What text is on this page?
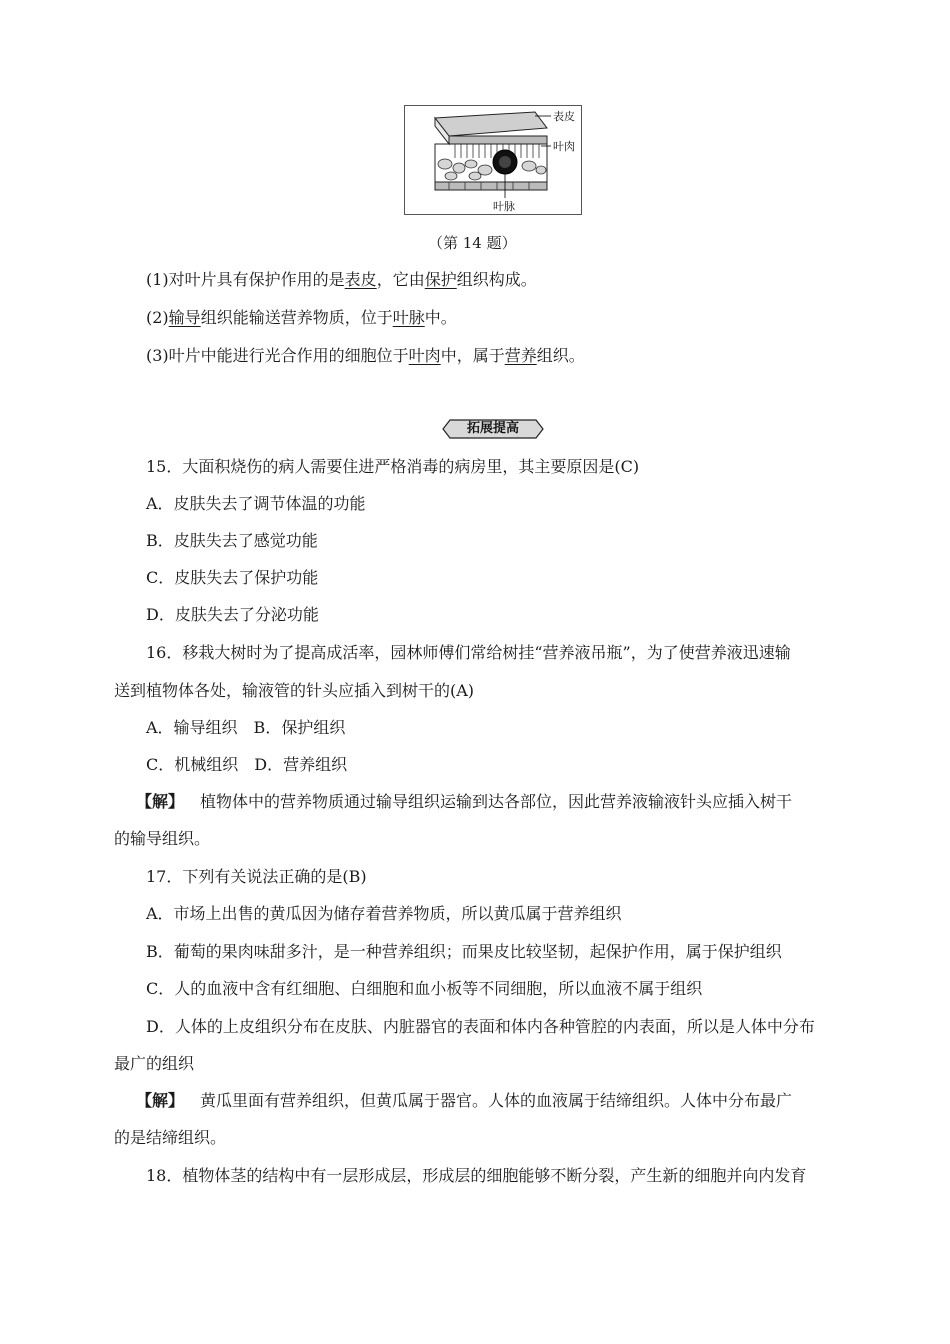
表皮
叶肉
叶脉
（第 14 题）
(1)对叶片具有保护作用的是表皮，它由保护组织构成。
(2)输导组织能输送营养物质，位于叶脉中。
(3)叶片中能进行光合作用的细胞位于叶肉中，属于营养组织。
拓展提高
15．大面积烧伤的病人需要住进严格消毒的病房里，其主要原因是(C)
A．皮肤失去了调节体温的功能
B．皮肤失去了感觉功能
C．皮肤失去了保护功能
D．皮肤失去了分泌功能
16．移栽大树时为了提高成活率，园林师傅们常给树挂“营养液吊瓶”，为了使营养液迅速输
送到植物体各处，输液管的针头应插入到树干的(A)
A．输导组织　B．保护组织
C．机械组织　D．营养组织
【解】 植物体中的营养物质通过输导组织运输到达各部位，因此营养液输液针头应插入树干
的输导组织。
17．下列有关说法正确的是(B)
A．市场上出售的黄瓜因为储存着营养物质，所以黄瓜属于营养组织
B．葡萄的果肉味甜多汁，是一种营养组织；而果皮比较坚韧，起保护作用，属于保护组织
C．人的血液中含有红细胞、白细胞和血小板等不同细胞，所以血液不属于组织
D．人体的上皮组织分布在皮肤、内脏器官的表面和体内各种管腔的内表面，所以是人体中分布
最广的组织
【解】 黄瓜里面有营养组织，但黄瓜属于器官。人体的血液属于结缔组织。人体中分布最广
的是结缔组织。
18．植物体茎的结构中有一层形成层，形成层的细胞能够不断分裂，产生新的细胞并向内发育
